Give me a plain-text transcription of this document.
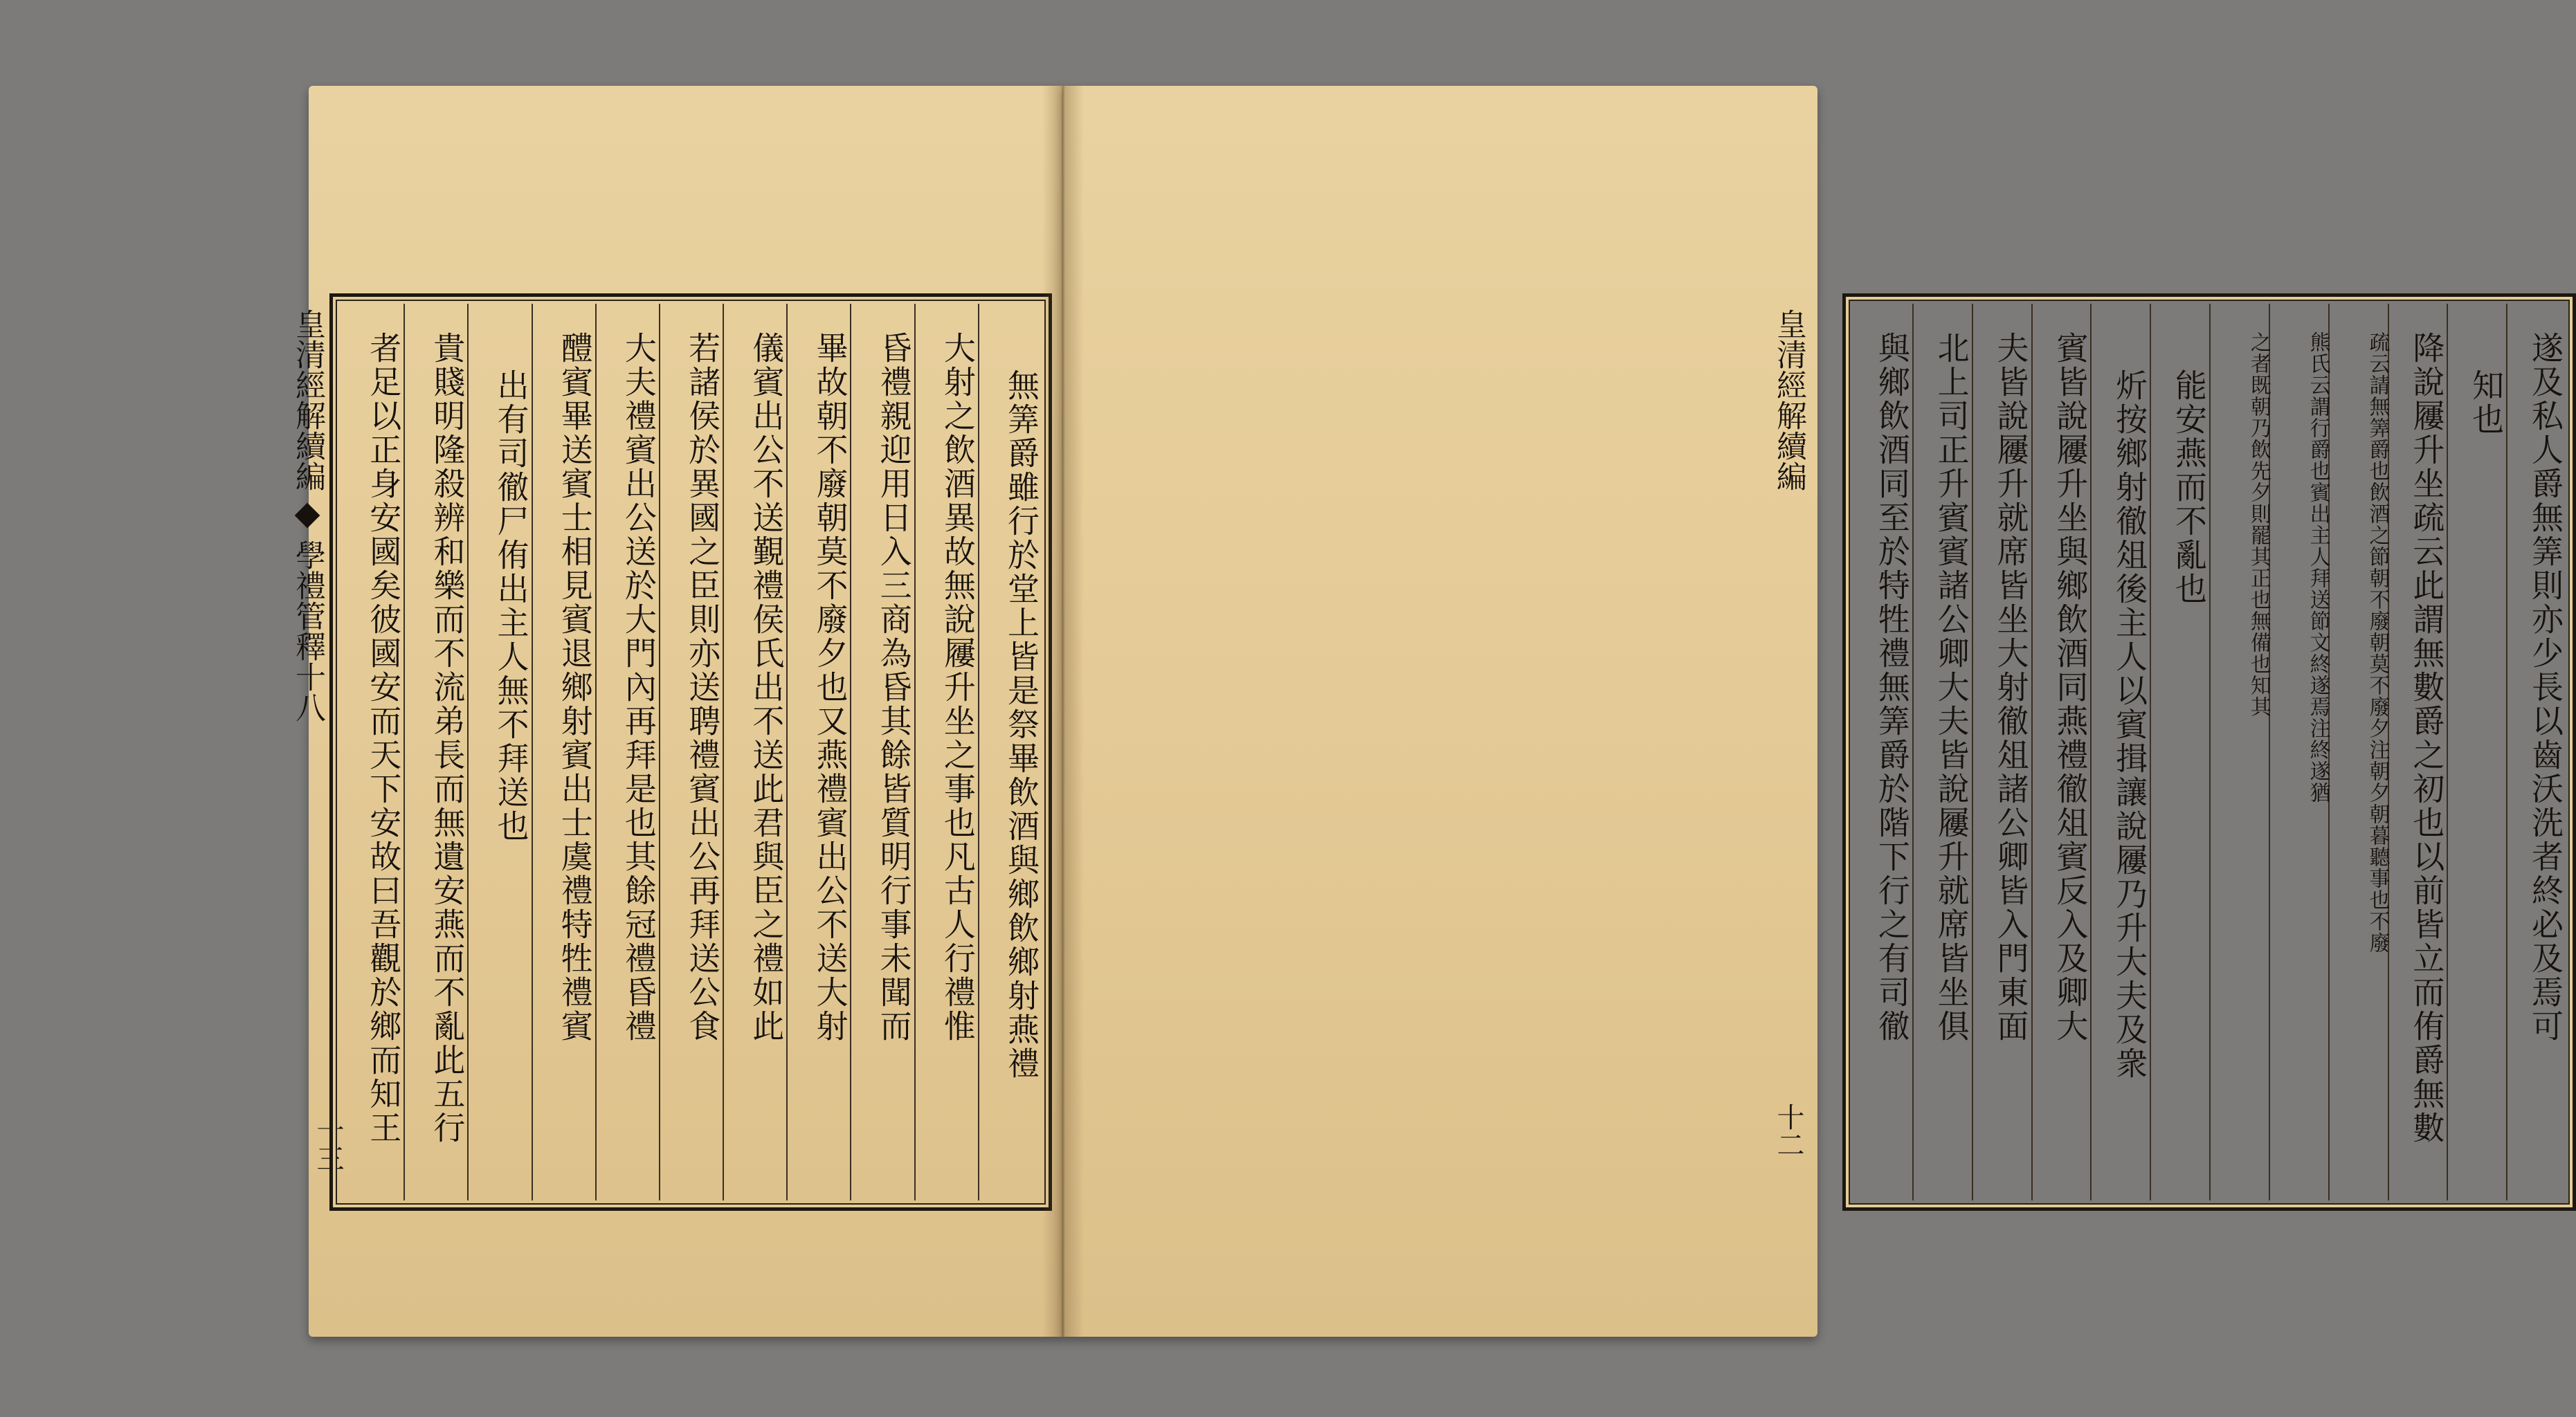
皇清經解續編  學禮管釋十八
十三
無筭爵雖行於堂上皆是祭畢飲酒與鄉飲鄉射燕禮
大射之飲酒異故無說屨升坐之事也凡古人行禮惟
昏禮親迎用日入三商為昏其餘皆質明行事未聞而
畢故朝不廢朝莫不廢夕也又燕禮賓出公不送大射
儀賓出公不送覲禮侯氏出不送此君與臣之禮如此
若諸侯於異國之臣則亦送聘禮賓出公再拜送公食
大夫禮賓出公送於大門內再拜是也其餘冠禮昏禮
醴賓畢送賓士相見賓退鄉射賓出士虞禮特牲禮賓
出有司徹尸侑出主人無不拜送也
貴賤明隆殺辨和樂而不流弟長而無遺安燕而不亂此五行
者足以正身安國矣彼國安而天下安故曰吾觀於鄉而知王	十二
皇清經解續編	遂及私人爵無筭則亦少長以齒沃洗者終必及焉可
知也
降說屨升坐疏云此謂無數爵之初也以前皆立而侑爵無數
疏云請無筭爵也飲酒之節朝不廢朝莫不廢夕注朝夕朝暮聽事也不廢
熊氏云謂行爵也賓出主人拜送節文終遂焉注終遂猶
之者既朝乃飲先夕則罷其正也無備也知其
能安燕而不亂也
炘按鄉射徹俎後主人以賓揖讓說屨乃升大夫及衆
賓皆說屨升坐與鄉飲酒同燕禮徹俎賓反入及卿大
夫皆說屨升就席皆坐大射徹俎諸公卿皆入門東面
北上司正升賓賓諸公卿大夫皆說屨升就席皆坐俱
與鄉飲酒同至於特牲禮無筭爵於階下行之有司徹
